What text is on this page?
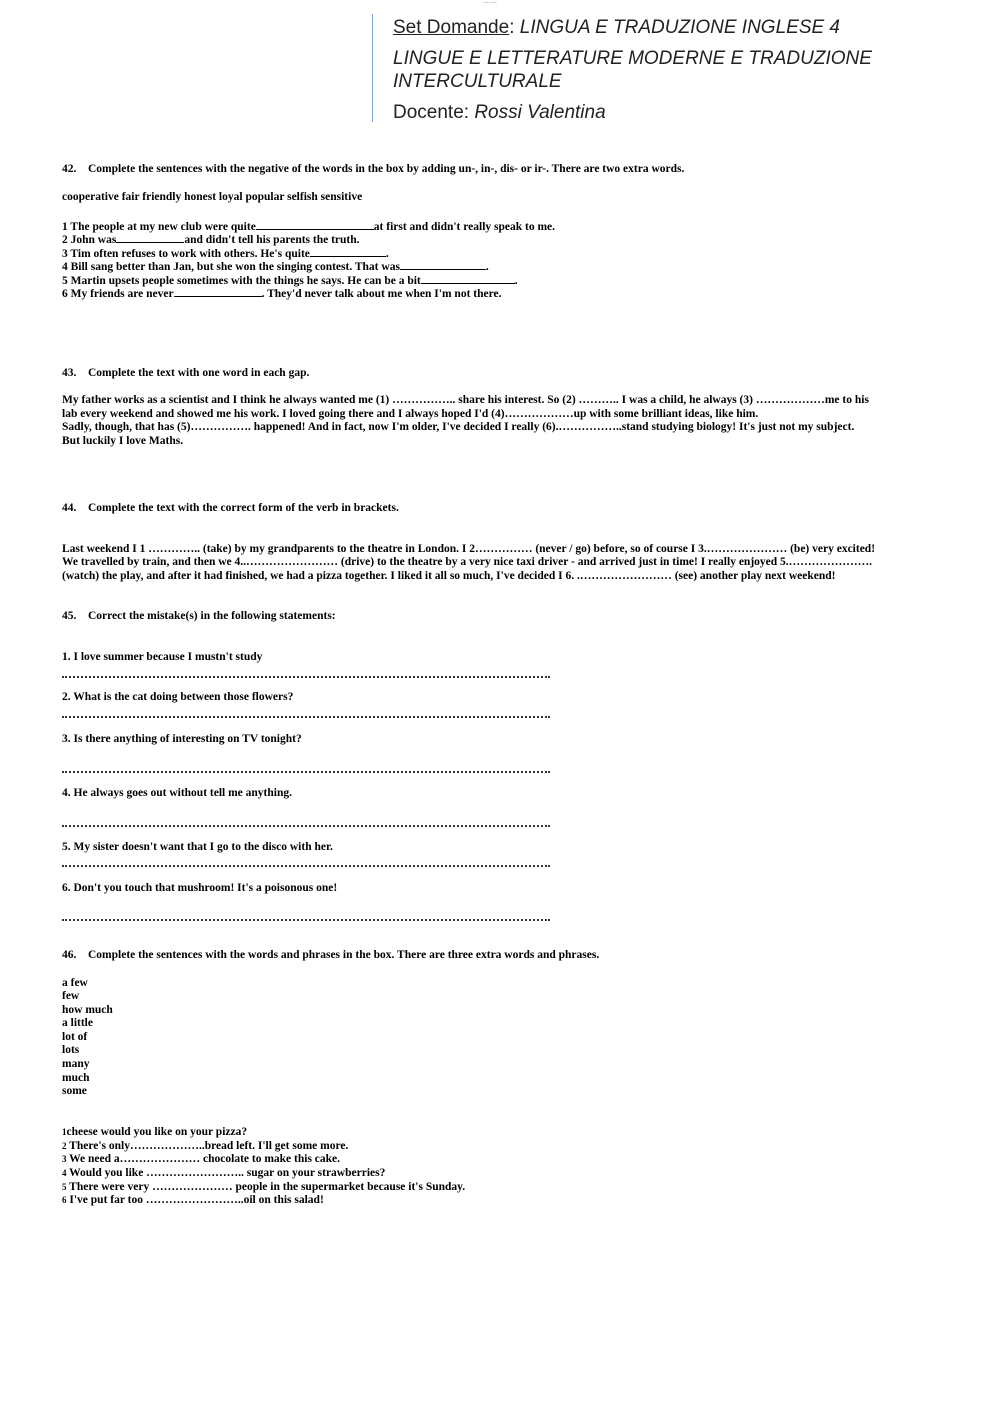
— —
Set Domande: LINGUA E TRADUZIONE INGLESE 4
LINGUE E LETTERATURE MODERNE E TRADUZIONE
INTERCULTURALE
Docente: Rossi Valentina
42. Complete the sentences with the negative of the words in the box by adding un-, in-, dis- or ir-. There are two extra words.
cooperative fair friendly honest loyal popular selfish sensitive
1 The people at my new club were quite	at first and didn't really speak to me.
2 John was	and didn't tell his parents the truth.
3 Tim often refuses to work with others. He's quite	.
4 Bill sang better than Jan, but she won the singing contest. That was	.
5 Martin upsets people sometimes with the things he says. He can be a bit	.
6 My friends are never	. They'd never talk about me when I'm not there.
43. Complete the text with one word in each gap.
My father works as a scientist and I think he always wanted me (1) …………….. share his interest. So (2) ……….. I was a child, he always (3) ………………me to his
lab every weekend and showed me his work. I loved going there and I always hoped I'd (4)………………up with some brilliant ideas, like him.
Sadly, though, that has (5)……………. happened! And in fact, now I'm older, I've decided I really (6).……………..stand studying biology! It's just not my subject.
But luckily I love Maths.
44. Complete the text with the correct form of the verb in brackets.
Last weekend I 1 ………….. (take) by my grandparents to the theatre in London. I 2…………… (never / go) before, so of course I 3.………………… (be) very excited!
We travelled by train, and then we 4..…………………… (drive) to the theatre by a very nice taxi driver - and arrived just in time! I really enjoyed 5.………………….
(watch) the play, and after it had finished, we had a pizza together. I liked it all so much, I've decided I 6. .…………………… (see) another play next weekend!
45. Correct the mistake(s) in the following statements:
1. I love summer because I mustn't study
2. What is the cat doing between those flowers?
3. Is there anything of interesting on TV tonight?
4. He always goes out without tell me anything.
5. My sister doesn't want that I go to the disco with her.
6. Don't you touch that mushroom! It's a poisonous one!
46. Complete the sentences with the words and phrases in the box. There are three extra words and phrases.
a few
few
how much
a little
lot of
lots
many
much
some
1cheese would you like on your pizza?
2 There's only………………..bread left. I'll get some more.
3 We need a………………… chocolate to make this cake.
4 Would you like …………………….. sugar on your strawberries?
5 There were very ………………… people in the supermarket because it's Sunday.
6 I've put far too ……………………..oil on this salad!
